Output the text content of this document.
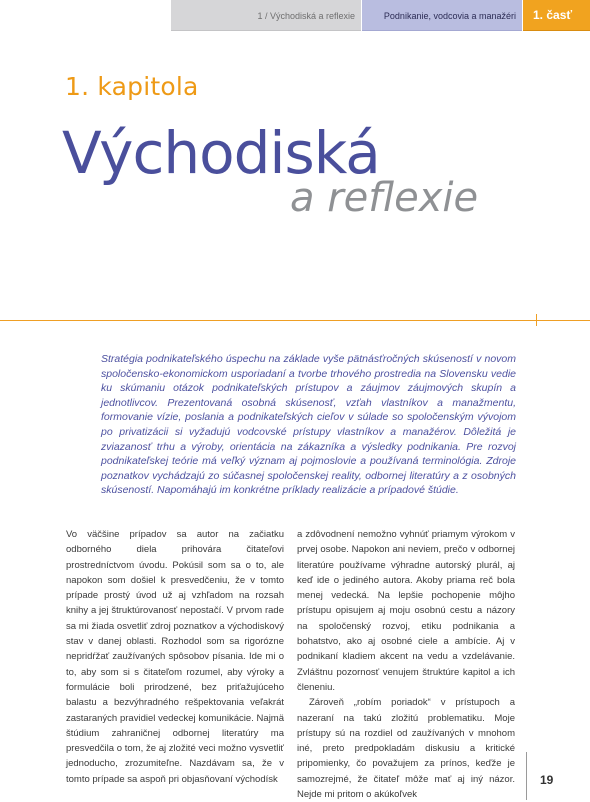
1 / Východiská a reflexie	Podnikanie, vodcovia a manažéri 1. časť
1. kapitola
Východiská
a reflexie

Stratégia podnikateľského úspechu na základe vyše pätnásťročných skúseností v novom spoločensko-ekonomickom usporiadaní a tvorbe trhového prostredia na Slovensku vedie ku skúmaniu otázok podnikateľských prístupov a záujmov záujmových skupín a jednotlivcov. Prezentovaná osobná skúsenosť, vzťah vlastníkov a manažmentu, formovanie vízie, poslania a podnikateľských cieľov v súlade so spoločenským vývojom po privatizácii si vyžadujú vodcovské prístupy vlastníkov a manažérov. Dôležitá je zviazanosť trhu a výroby, orientácia na zákazníka a výsledky podnikania. Pre rozvoj podnikateľskej teórie má veľký význam aj pojmoslovie a používaná terminológia. Zdroje poznatkov vychádzajú zo súčasnej spoločenskej reality, odbornej literatúry a z osobných skúseností. Napomáhajú im konkrétne príklady realizácie a prípadové štúdie.

Vo väčšine prípadov sa autor na začiatku odborného diela prihovára čitateľovi prostredníctvom úvodu. Pokúsil som sa o to, ale napokon som došiel k presvedčeniu, že v tomto prípade prostý úvod už aj vzhľadom na rozsah knihy a jej štruktúrovanosť nepostačí. V prvom rade sa mi žiada osvetliť zdroj poznatkov a východiskový stav v danej oblasti. Rozhodol som sa rigorózne nepridŕžať zaužívaných spôsobov písania. Ide mi o to, aby som si s čitateľom rozumel, aby výroky a formulácie boli prirodzené, bez priťažujúceho balastu a bezvýhradného rešpektovania veľakrát zastaraných pravidiel vedeckej komunikácie. Najmä štúdium zahraničnej odbornej literatúry ma presvedčila o tom, že aj zložité veci možno vysvetliť jednoducho, zrozumiteľne. Nazdávam sa, že v tomto prípade sa aspoň pri objasňovaní východísk

a zdôvodnení nemožno vyhnúť priamym výrokom v prvej osobe. Napokon ani neviem, prečo v odbornej literatúre používame výhradne autorský plurál, aj keď ide o jediného autora. Akoby priama reč bola menej vedecká. Na lepšie pochopenie môjho prístupu opisujem aj moju osobnú cestu a názory na spoločenský rozvoj, etiku podnikania a bohatstvo, ako aj osobné ciele a ambície. Aj v podnikaní kladiem akcent na vedu a vzdelávanie. Zvláštnu pozornosť venujem štruktúre kapitol a ich členeniu.

Zároveň „robím poriadok“ v prístupoch a nazeraní na takú zložitú problematiku. Moje prístupy sú na rozdiel od zaužívaných v mnohom iné, preto predpokladám diskusiu a kritické pripomienky, čo považujem za prínos, keďže je samozrejmé, že čitateľ môže mať aj iný názor. Nejde mi pritom o akúkoľvek

19
